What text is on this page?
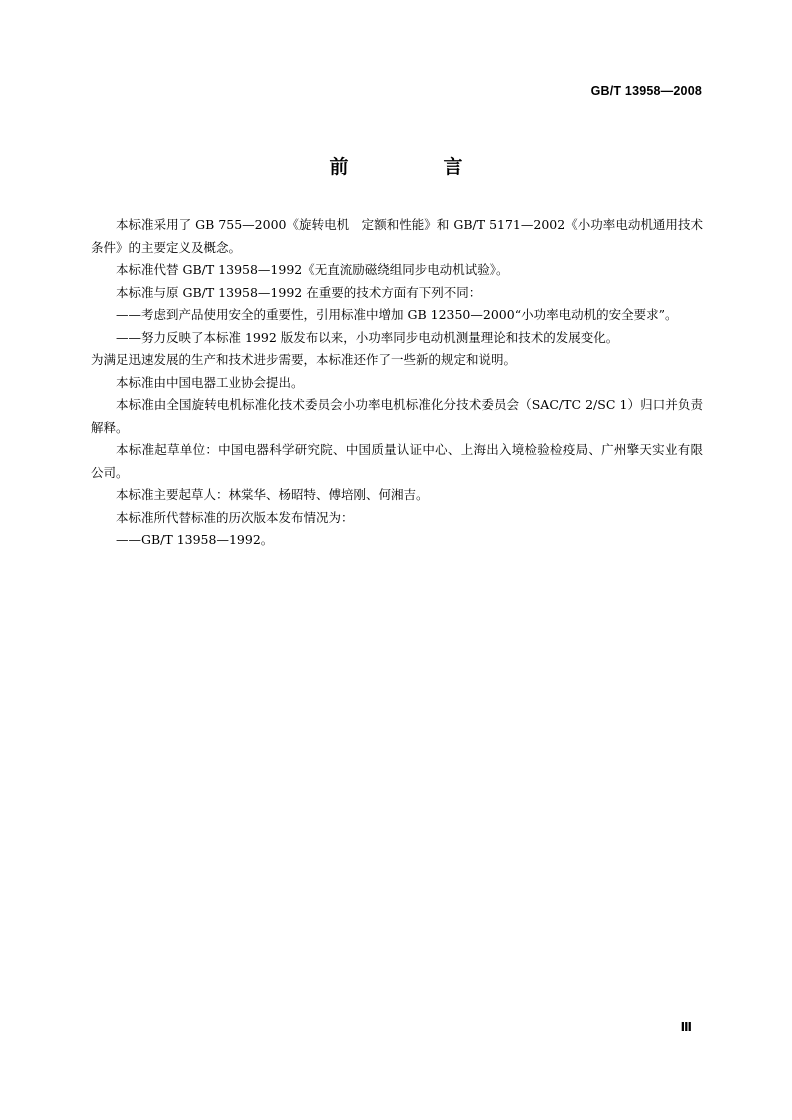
GB/T 13958—2008
前　言

本标准采用了 GB 755—2000《旋转电机　定额和性能》和 GB/T 5171—2002《小功率电动机通用技术条件》的主要定义及概念。

本标准代替 GB/T 13958—1992《无直流励磁绕组同步电动机试验》。

本标准与原 GB/T 13958—1992 在重要的技术方面有下列不同：

——考虑到产品使用安全的重要性，引用标准中增加 GB 12350—2000“小功率电动机的安全要求”。

——努力反映了本标准 1992 版发布以来，小功率同步电动机测量理论和技术的发展变化。

为满足迅速发展的生产和技术进步需要，本标准还作了一些新的规定和说明。

本标准由中国电器工业协会提出。

本标准由全国旋转电机标准化技术委员会小功率电机标准化分技术委员会（SAC/TC 2/SC 1）归口并负责解释。

本标准起草单位：中国电器科学研究院、中国质量认证中心、上海出入境检验检疫局、广州擎天实业有限公司。

本标准主要起草人：林棠华、杨昭特、傅培刚、何湘吉。

本标准所代替标准的历次版本发布情况为：

——GB/T 13958—1992。

Ⅲ
